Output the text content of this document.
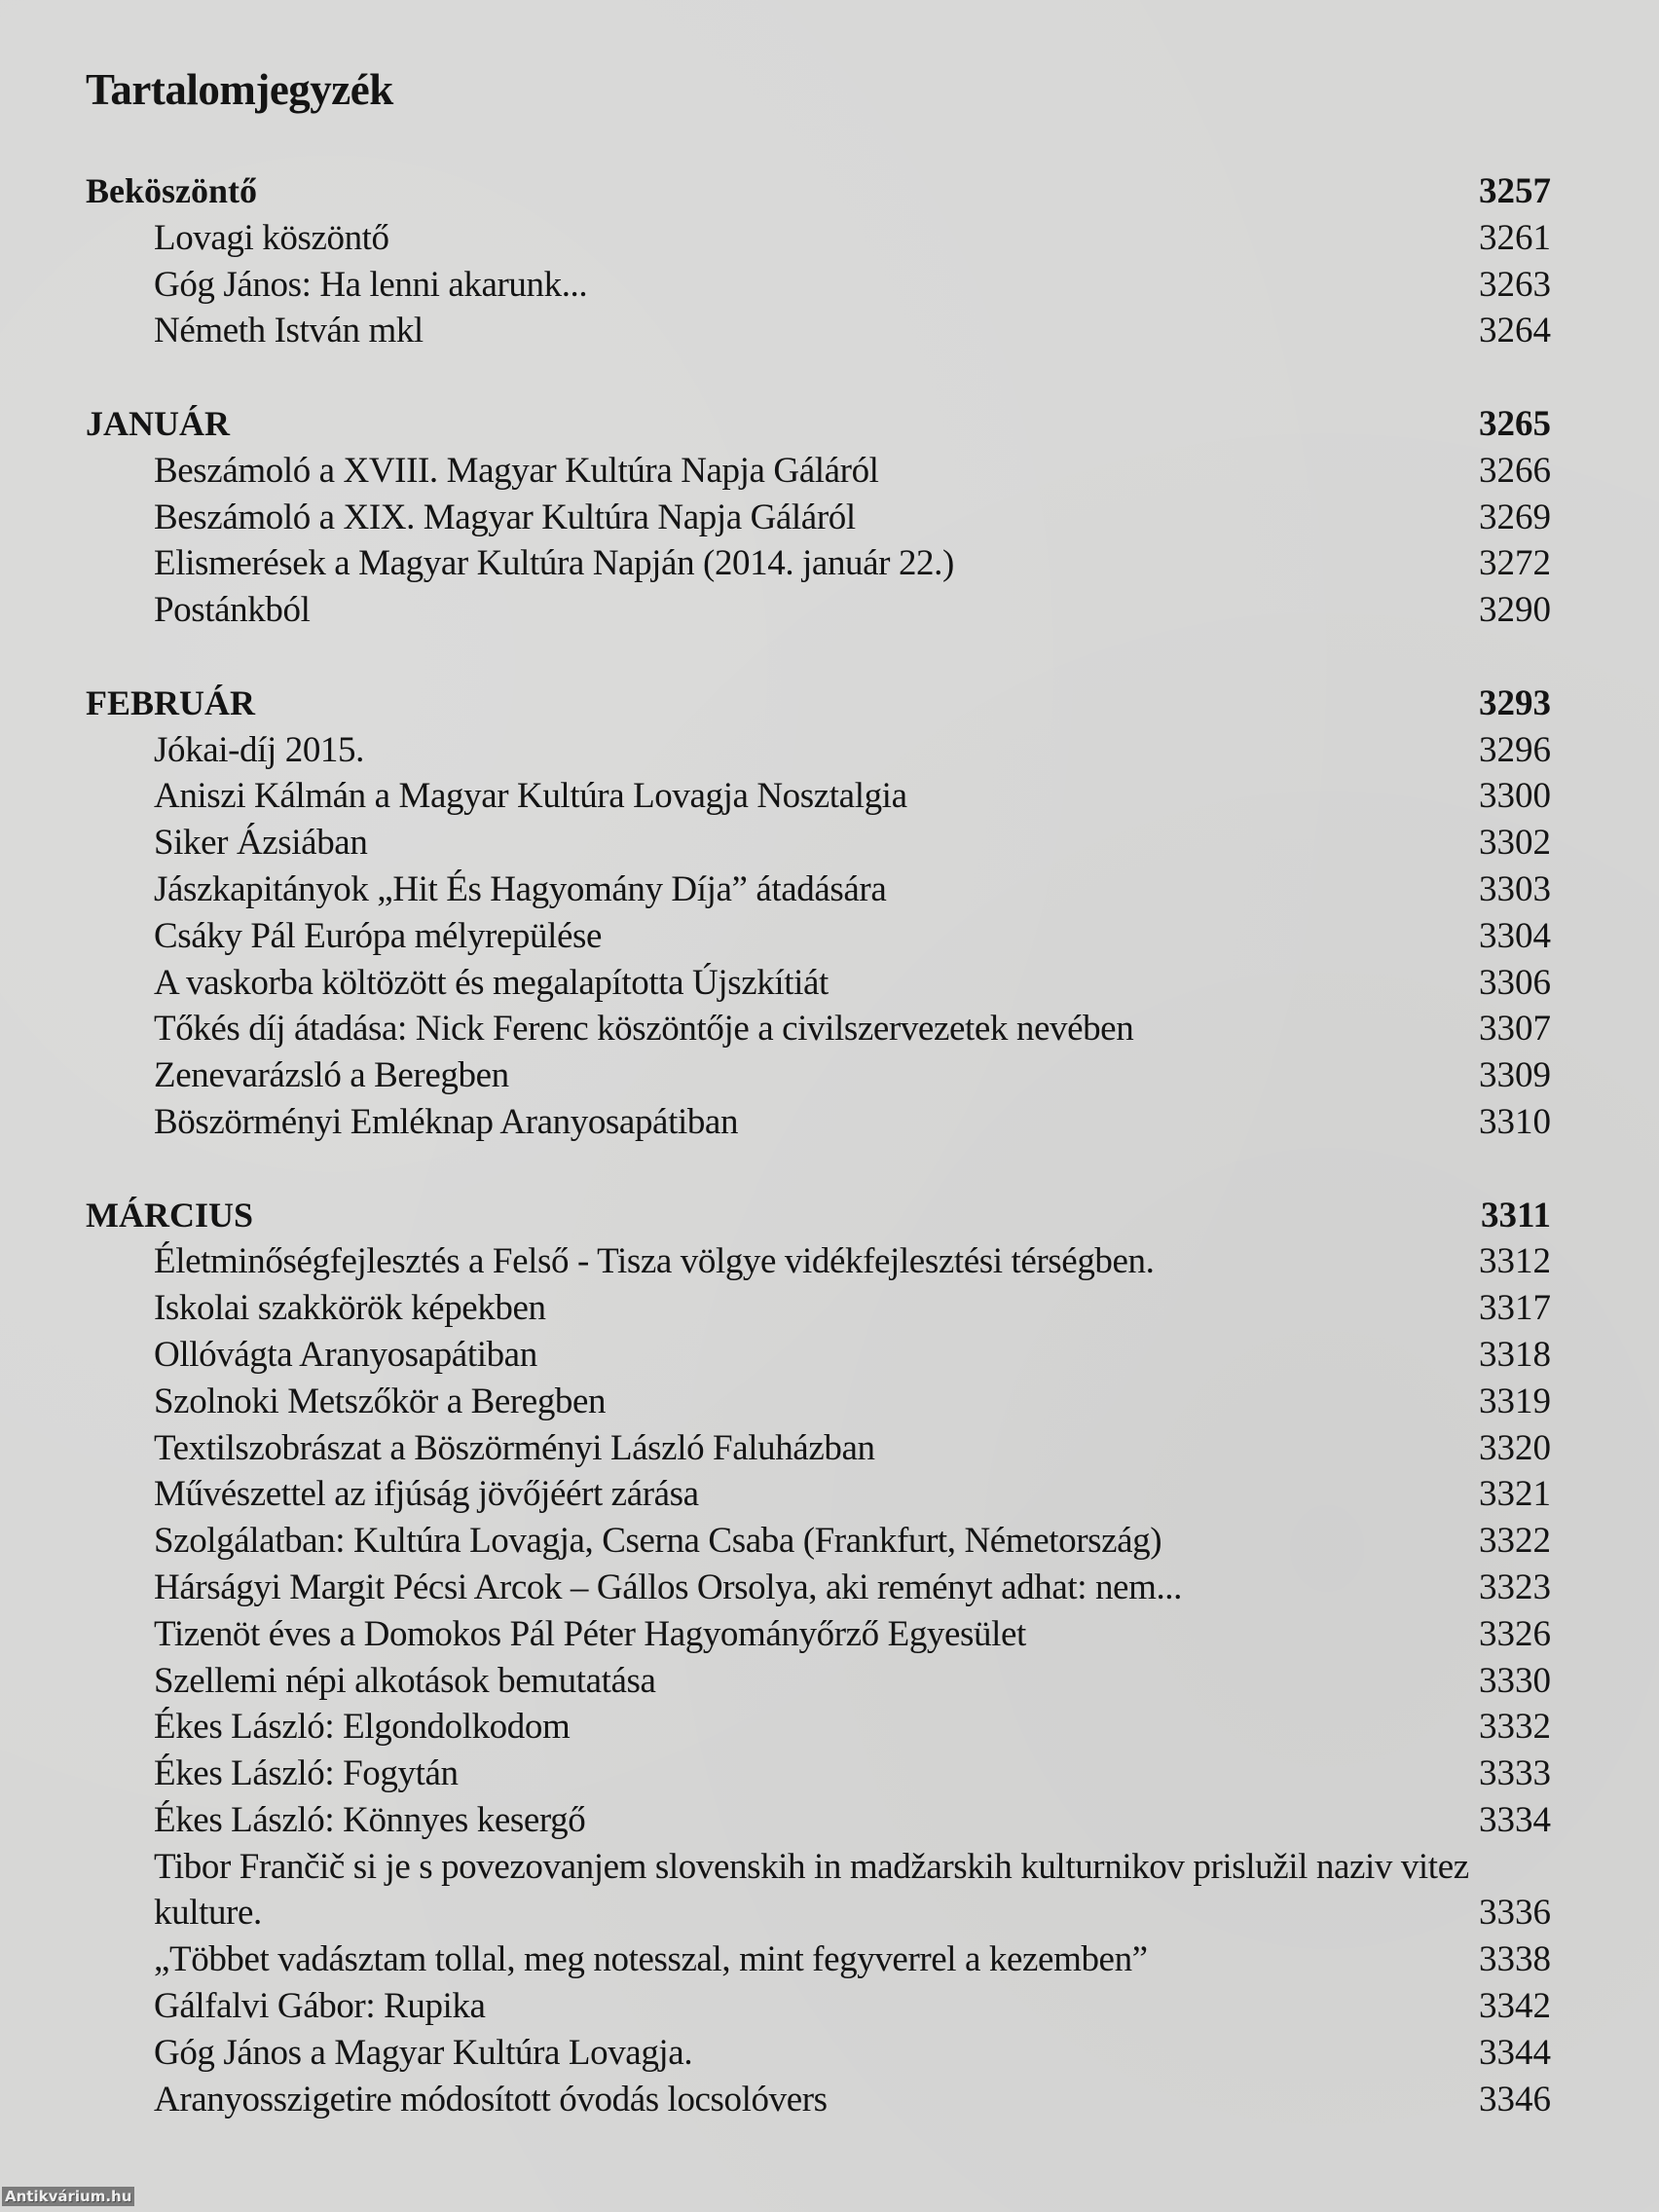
Tartalomjegyzék
Beköszöntő	3257
Lovagi köszöntő	3261
Góg János: Ha lenni akarunk...	3263
Németh István mkl	3264
JANUÁR	3265
Beszámoló a XVIII. Magyar Kultúra Napja Gáláról	3266
Beszámoló a XIX. Magyar Kultúra Napja Gáláról	3269
Elismerések a Magyar Kultúra Napján (2014. január 22.)	3272
Postánkból	3290
FEBRUÁR	3293
Jókai-díj 2015.	3296
Aniszi Kálmán a Magyar Kultúra Lovagja Nosztalgia	3300
Siker Ázsiában	3302
Jászkapitányok „Hit És Hagyomány Díja” átadására	3303
Csáky Pál Európa mélyrepülése	3304
A vaskorba költözött és megalapította Újszkítiát	3306
Tőkés díj átadása: Nick Ferenc köszöntője a civilszervezetek nevében	3307
Zenevarázsló a Beregben	3309
Böszörményi Emléknap Aranyosapátiban	3310
MÁRCIUS	3311
Életminőségfejlesztés a Felső - Tisza völgye vidékfejlesztési térségben.	3312
Iskolai szakkörök képekben	3317
Ollóvágta Aranyosapátiban	3318
Szolnoki Metszőkör a Beregben	3319
Textilszobrászat a Böszörményi László Faluházban	3320
Művészettel az ifjúság jövőjéért zárása	3321
Szolgálatban: Kultúra Lovagja, Cserna Csaba (Frankfurt, Németország)	3322
Hárságyi Margit Pécsi Arcok – Gállos Orsolya, aki reményt adhat: nem...	3323
Tizenöt éves a Domokos Pál Péter Hagyományőrző Egyesület	3326
Szellemi népi alkotások bemutatása	3330
Ékes László: Elgondolkodom	3332
Ékes László: Fogytán	3333
Ékes László: Könnyes kesergő	3334
Tibor Frančič si je s povezovanjem slovenskih in madžarskih kulturnikov prislužil naziv vitez kulture.	3336
„Többet vadásztam tollal, meg notesszal, mint fegyverrel a kezemben”	3338
Gálfalvi Gábor: Rupika	3342
Góg János a Magyar Kultúra Lovagja.	3344
Aranyosszigetire módosított óvodás locsolóvers	3346
Antikvárium.hu
